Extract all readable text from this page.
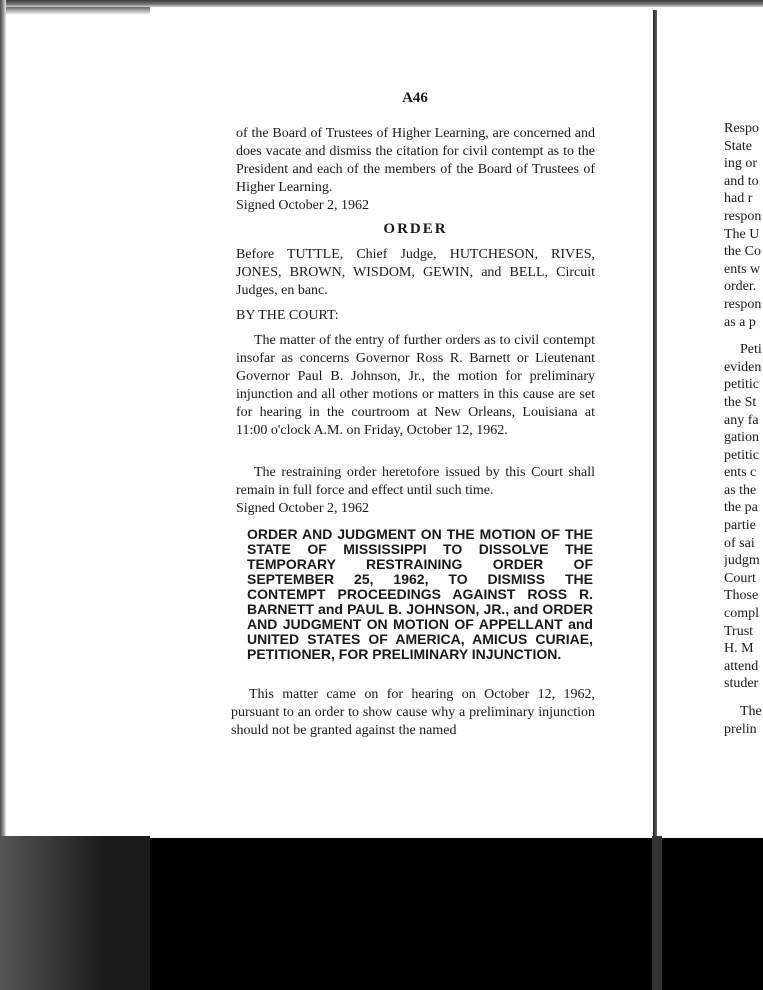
A46

of the Board of Trustees of Higher Learning, are concerned and does vacate and dismiss the citation for civil contempt as to the President and each of the members of the Board of Trustees of Higher Learning.

Signed October 2, 1962

ORDER

Before TUTTLE, Chief Judge, HUTCHESON, RIVES, JONES, BROWN, WISDOM, GEWIN, and BELL, Circuit Judges, en banc.

BY THE COURT:

The matter of the entry of further orders as to civil contempt insofar as concerns Governor Ross R. Barnett or Lieutenant Governor Paul B. Johnson, Jr., the motion for preliminary injunction and all other motions or matters in this cause are set for hearing in the courtroom at New Orleans, Louisiana at 11:00 o'clock A.M. on Friday, October 12, 1962.

The restraining order heretofore issued by this Court shall remain in full force and effect until such time.

Signed October 2, 1962

ORDER AND JUDGMENT ON THE MOTION OF THE STATE OF MISSISSIPPI TO DISSOLVE THE TEMPORARY RESTRAINING ORDER OF SEPTEMBER 25, 1962, TO DISMISS THE CONTEMPT PROCEEDINGS AGAINST ROSS R. BARNETT and PAUL B. JOHNSON, JR., and ORDER AND JUDGMENT ON MOTION OF APPELLANT and UNITED STATES OF AMERICA, AMICUS CURIAE, PETITIONER, FOR PRELIMINARY INJUNCTION.

This matter came on for hearing on October 12, 1962, pursuant to an order to show cause why a preliminary injunction should not be granted against the named

Respo
State
ing or
and to
had r
respon
The U
the Co
ents w
order.
respon
as a p
Peti
eviden
petitic
the St
any fa
gation
petitic
ents c
as the
the pa
partie
of sai
judgm
Court
Those
compl
Trust
H. M
attend
studer
The
prelin
